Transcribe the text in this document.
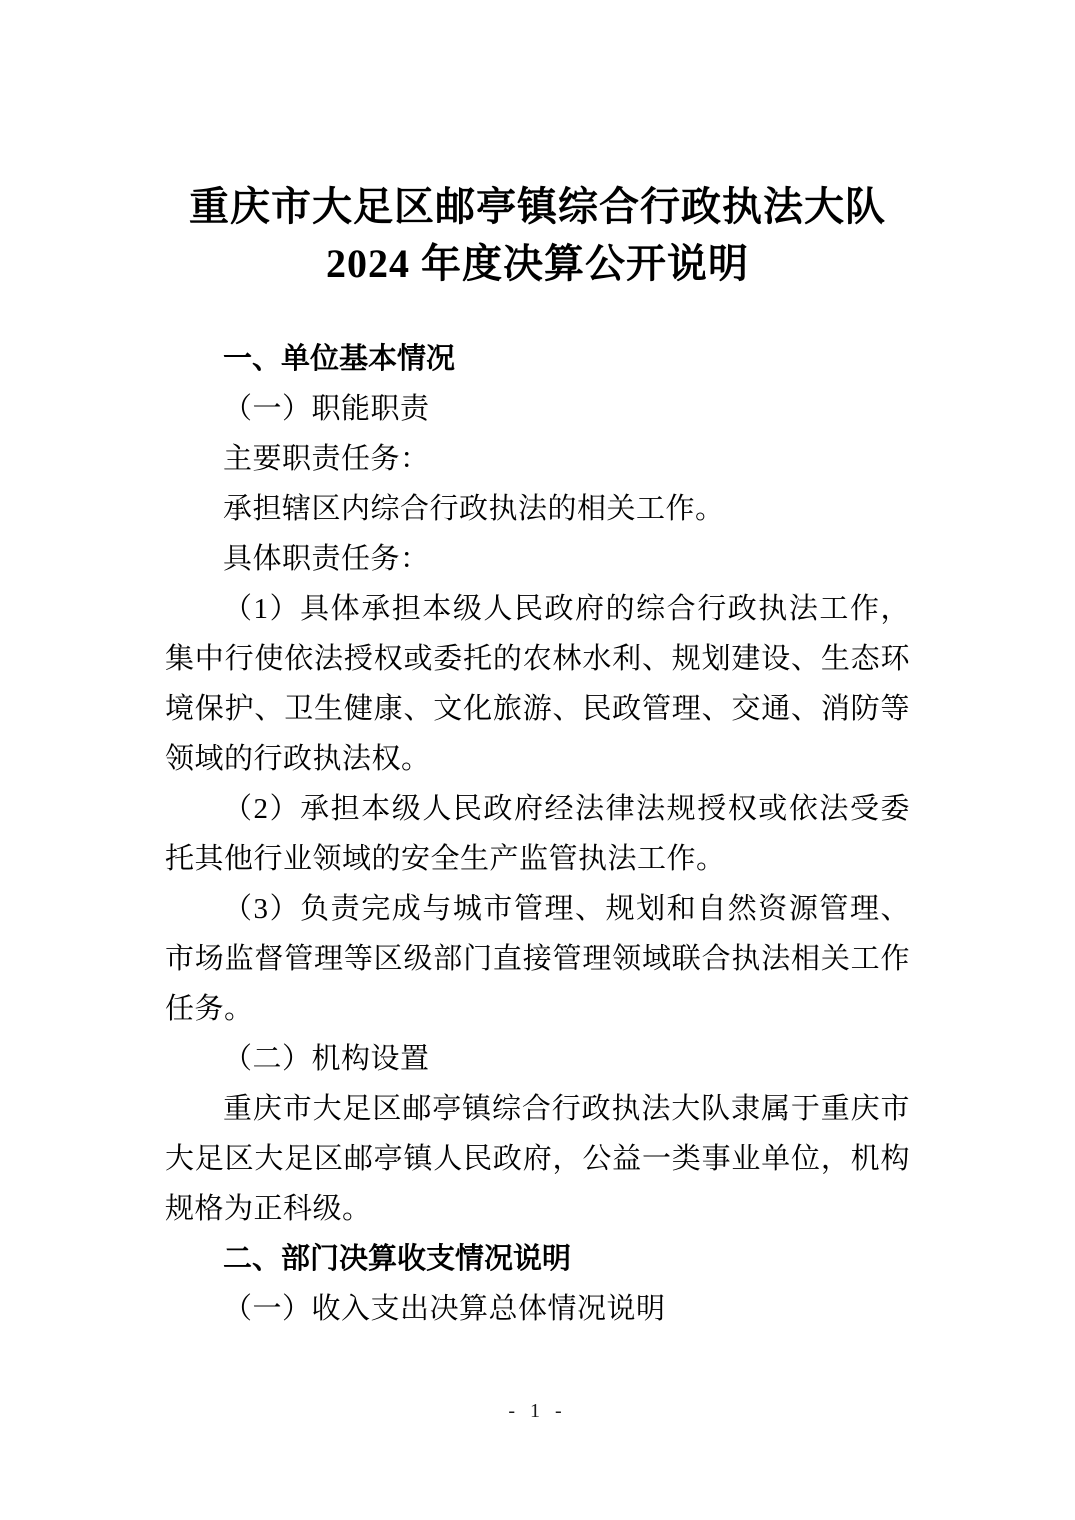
重庆市大足区邮亭镇综合行政执法大队
2024 年度决算公开说明

一、单位基本情况

（一）职能职责

主要职责任务：

承担辖区内综合行政执法的相关工作。

具体职责任务：

（1）具体承担本级人民政府的综合行政执法工作，集中行使依法授权或委托的农林水利、规划建设、生态环境保护、卫生健康、文化旅游、民政管理、交通、消防等领域的行政执法权。

（2）承担本级人民政府经法律法规授权或依法受委托其他行业领域的安全生产监管执法工作。

（3）负责完成与城市管理、规划和自然资源管理、市场监督管理等区级部门直接管理领域联合执法相关工作任务。

（二）机构设置

重庆市大足区邮亭镇综合行政执法大队隶属于重庆市大足区大足区邮亭镇人民政府，公益一类事业单位，机构规格为正科级。

二、部门决算收支情况说明

（一）收入支出决算总体情况说明

- 1 -
